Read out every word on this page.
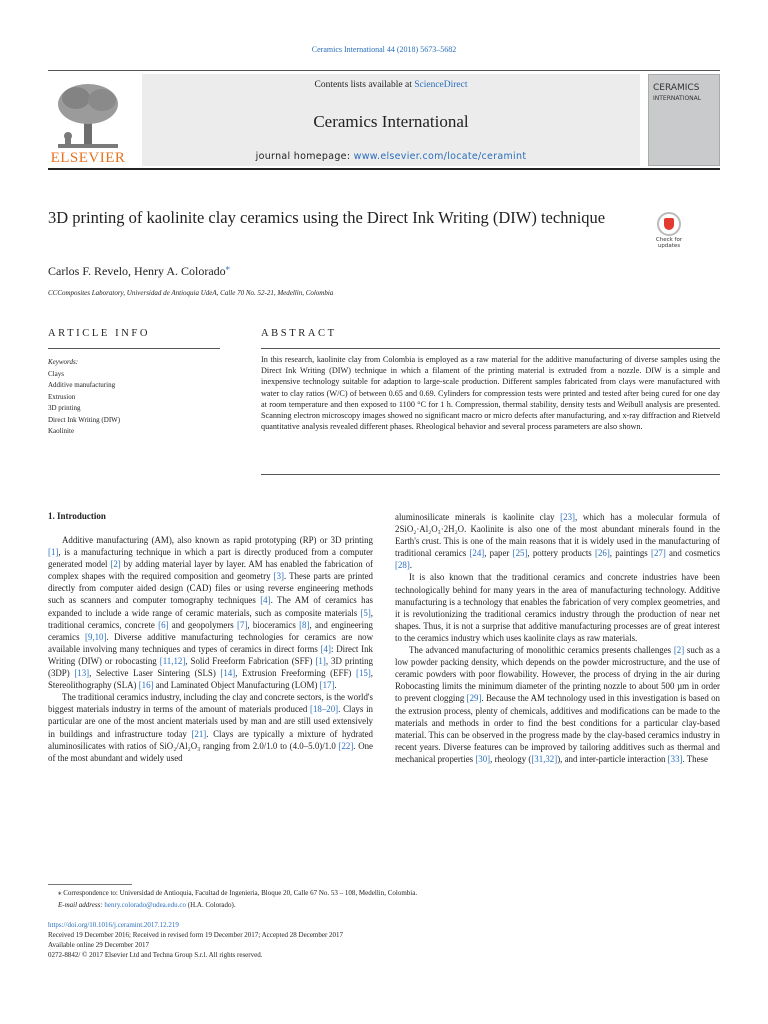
Ceramics International 44 (2018) 5673–5682
ELSEVIER
Contents lists available at ScienceDirect
Ceramics International
journal homepage: www.elsevier.com/locate/ceramint
CERAMICS
INTERNATIONAL
3D printing of kaolinite clay ceramics using the Direct Ink Writing (DIW) technique
Check for
updates
Carlos F. Revelo, Henry A. Colorado⁎
CCComposites Laboratory, Universidad de Antioquia UdeA, Calle 70 No. 52-21, Medellin, Colombia
ARTICLE INFO	ABSTRACT
Keywords:
Clays
Additive manufacturing
Extrusion
3D printing
Direct Ink Writing (DIW)
Kaolinite
In this research, kaolinite clay from Colombia is employed as a raw material for the additive manufacturing of diverse samples using the Direct Ink Writing (DIW) technique in which a filament of the printing material is extruded from a nozzle. DIW is a simple and inexpensive technology suitable for adaption to large-scale production. Different samples fabricated from clays were manufactured with water to clay ratios (W/C) of between 0.65 and 0.69. Cylinders for compression tests were printed and tested after being cured for one day at room temperature and then exposed to 1100 °C for 1 h. Compression, thermal stability, density tests and Weibull analysis are presented. Scanning electron microscopy images showed no significant macro or micro defects after manufacturing, and x-ray diffraction and Rietveld quantitative analysis revealed different phases. Rheological behavior and several process parameters are also shown.
1. Introduction

Additive manufacturing (AM), also known as rapid prototyping (RP) or 3D printing [1], is a manufacturing technique in which a part is directly produced from a computer generated model [2] by adding material layer by layer. AM has enabled the fabrication of complex shapes with the required composition and geometry [3]. These parts are printed directly from computer aided design (CAD) files or using reverse engineering methods such as scanners and computer tomography techniques [4]. The AM of ceramics has expanded to include a wide range of ceramic materials, such as composite materials [5], traditional ceramics, concrete [6] and geopolymers [7], bioceramics [8], and engineering ceramics [9,10]. Diverse additive manufacturing technologies for ceramics are now available involving many techniques and types of ceramics in direct forms [4]: Direct Ink Writing (DIW) or robocasting [11,12], Solid Freeform Fabrication (SFF) [1], 3D printing (3DP) [13], Selective Laser Sintering (SLS) [14], Extrusion Freeforming (EFF) [15], Stereolithography (SLA) [16] and Laminated Object Manufacturing (LOM) [17].

The traditional ceramics industry, including the clay and concrete sectors, is the world's biggest materials industry in terms of the amount of materials produced [18–20]. Clays in particular are one of the most ancient materials used by man and are still used extensively in buildings and infrastructure today [21]. Clays are typically a mixture of hydrated aluminosilicates with ratios of SiO₂/Al₂O₃ ranging from 2.0/1.0 to (4.0–5.0)/1.0 [22]. One of the most abundant and widely used

aluminosilicate minerals is kaolinite clay [23], which has a molecular formula of 2SiO₂·Al₂O₃·2H₂O. Kaolinite is also one of the most abundant minerals found in the Earth's crust. This is one of the main reasons that it is widely used in the manufacturing of traditional ceramics [24], paper [25], pottery products [26], paintings [27] and cosmetics [28].

It is also known that the traditional ceramics and concrete industries have been technologically behind for many years in the area of manufacturing technology. Additive manufacturing is a technology that enables the fabrication of very complex geometries, and it is revolutionizing the traditional ceramics industry through the production of near net shapes. Thus, it is not a surprise that additive manufacturing processes are of great interest to the ceramics industry which uses kaolinite clays as raw materials.

The advanced manufacturing of monolithic ceramics presents challenges [2] such as a low powder packing density, which depends on the powder microstructure, and the use of ceramic powders with poor flowability. However, the process of drying in the air during Robocasting limits the minimum diameter of the printing nozzle to about 500 µm in order to prevent clogging [29]. Because the AM technology used in this investigation is based on the extrusion process, plenty of chemicals, additives and modifications can be made to the materials and methods in order to find the best conditions for a particular clay-based material. This can be observed in the progress made by the clay-based ceramics industry in recent years. Diverse features can be improved by tailoring additives such as thermal and mechanical properties [30], rheology ([31,32]), and inter-particle interaction [33]. These

⁎ Correspondence to: Universidad de Antioquia, Facultad de Ingenieria, Bloque 20, Calle 67 No. 53 – 108, Medellin, Colombia.
E-mail address: henry.colorado@udea.edu.co (H.A. Colorado).
https://doi.org/10.1016/j.ceramint.2017.12.219
Received 19 December 2016; Received in revised form 19 December 2017; Accepted 28 December 2017
Available online 29 December 2017
0272-8842/ © 2017 Elsevier Ltd and Techna Group S.r.l. All rights reserved.
